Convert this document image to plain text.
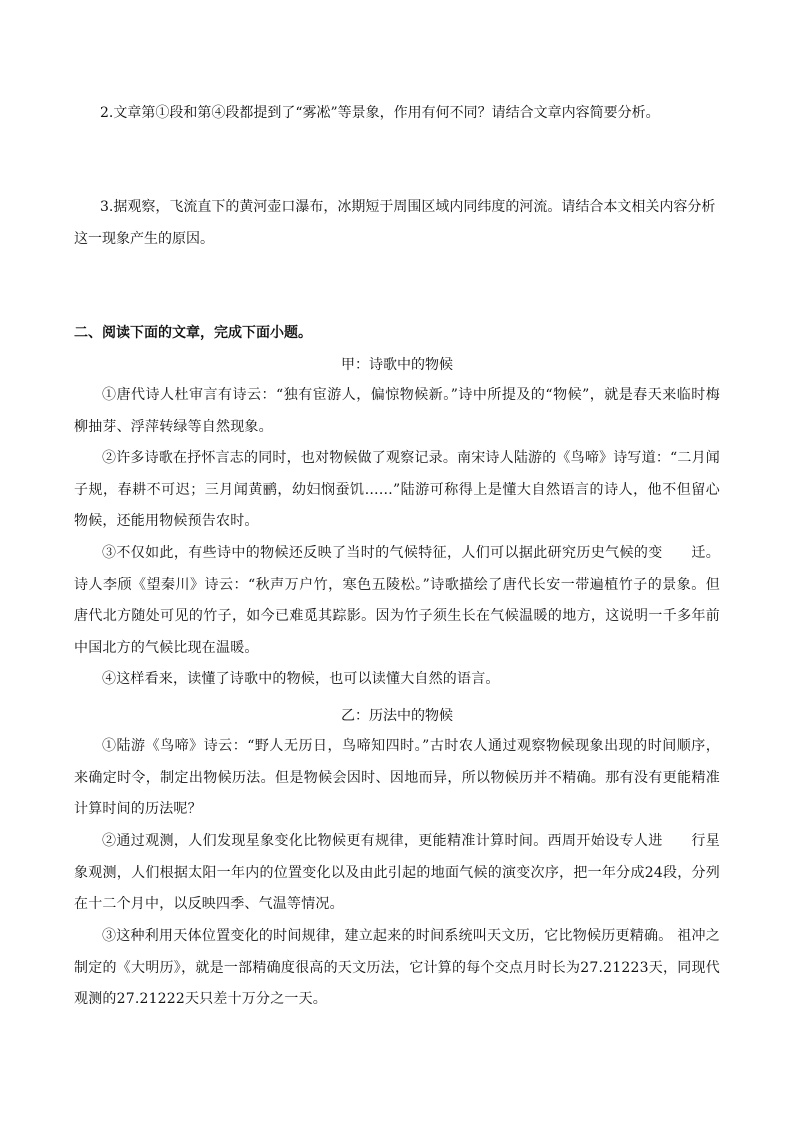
2.文章第①段和第④段都提到了“雾凇”等景象，作用有何不同？请结合文章内容简要分析。
3.据观察，飞流直下的黄河壶口瀑布，冰期短于周围区域内同纬度的河流。请结合本文相关内容分析
这一现象产生的原因。
二、阅读下面的文章，完成下面小题。
甲：诗歌中的物候
①唐代诗人杜审言有诗云：“独有宦游人，偏惊物候新。”诗中所提及的“物候”，就是春天来临时梅柳抽芽、浮萍转绿等自然现象。
②许多诗歌在抒怀言志的同时，也对物候做了观察记录。南宋诗人陆游的《鸟啼》诗写道：“二月闻子规，春耕不可迟；三月闻黄鹂，幼妇悯蚕饥……”陆游可称得上是懂大自然语言的诗人，他不但留心物候，还能用物候预告农时。
③不仅如此，有些诗中的物候还反映了当时的气候特征，人们可以据此研究历史气候的变　　迁。诗人李颀《望秦川》诗云：“秋声万户竹，寒色五陵松。”诗歌描绘了唐代长安一带遍植竹子的景象。但唐代北方随处可见的竹子，如今已难觅其踪影。因为竹子须生长在气候温暖的地方，这说明一千多年前中国北方的气候比现在温暖。
④这样看来，读懂了诗歌中的物候，也可以读懂大自然的语言。
乙：历法中的物候
①陆游《鸟啼》诗云：“野人无历日，鸟啼知四时。”古时农人通过观察物候现象出现的时间顺序，来确定时令，制定出物候历法。但是物候会因时、因地而异，所以物候历并不精确。那有没有更能精准计算时间的历法呢？
②通过观测，人们发现星象变化比物候更有规律，更能精准计算时间。西周开始设专人进　　行星象观测，人们根据太阳一年内的位置变化以及由此引起的地面气候的演变次序，把一年分成24段，分列在十二个月中，以反映四季、气温等情况。
③这种利用天体位置变化的时间规律，建立起来的时间系统叫天文历，它比物候历更精确。 祖冲之制定的《大明历》，就是一部精确度很高的天文历法，它计算的每个交点月时长为27.21223天，同现代观测的27.21222天只差十万分之一天。
